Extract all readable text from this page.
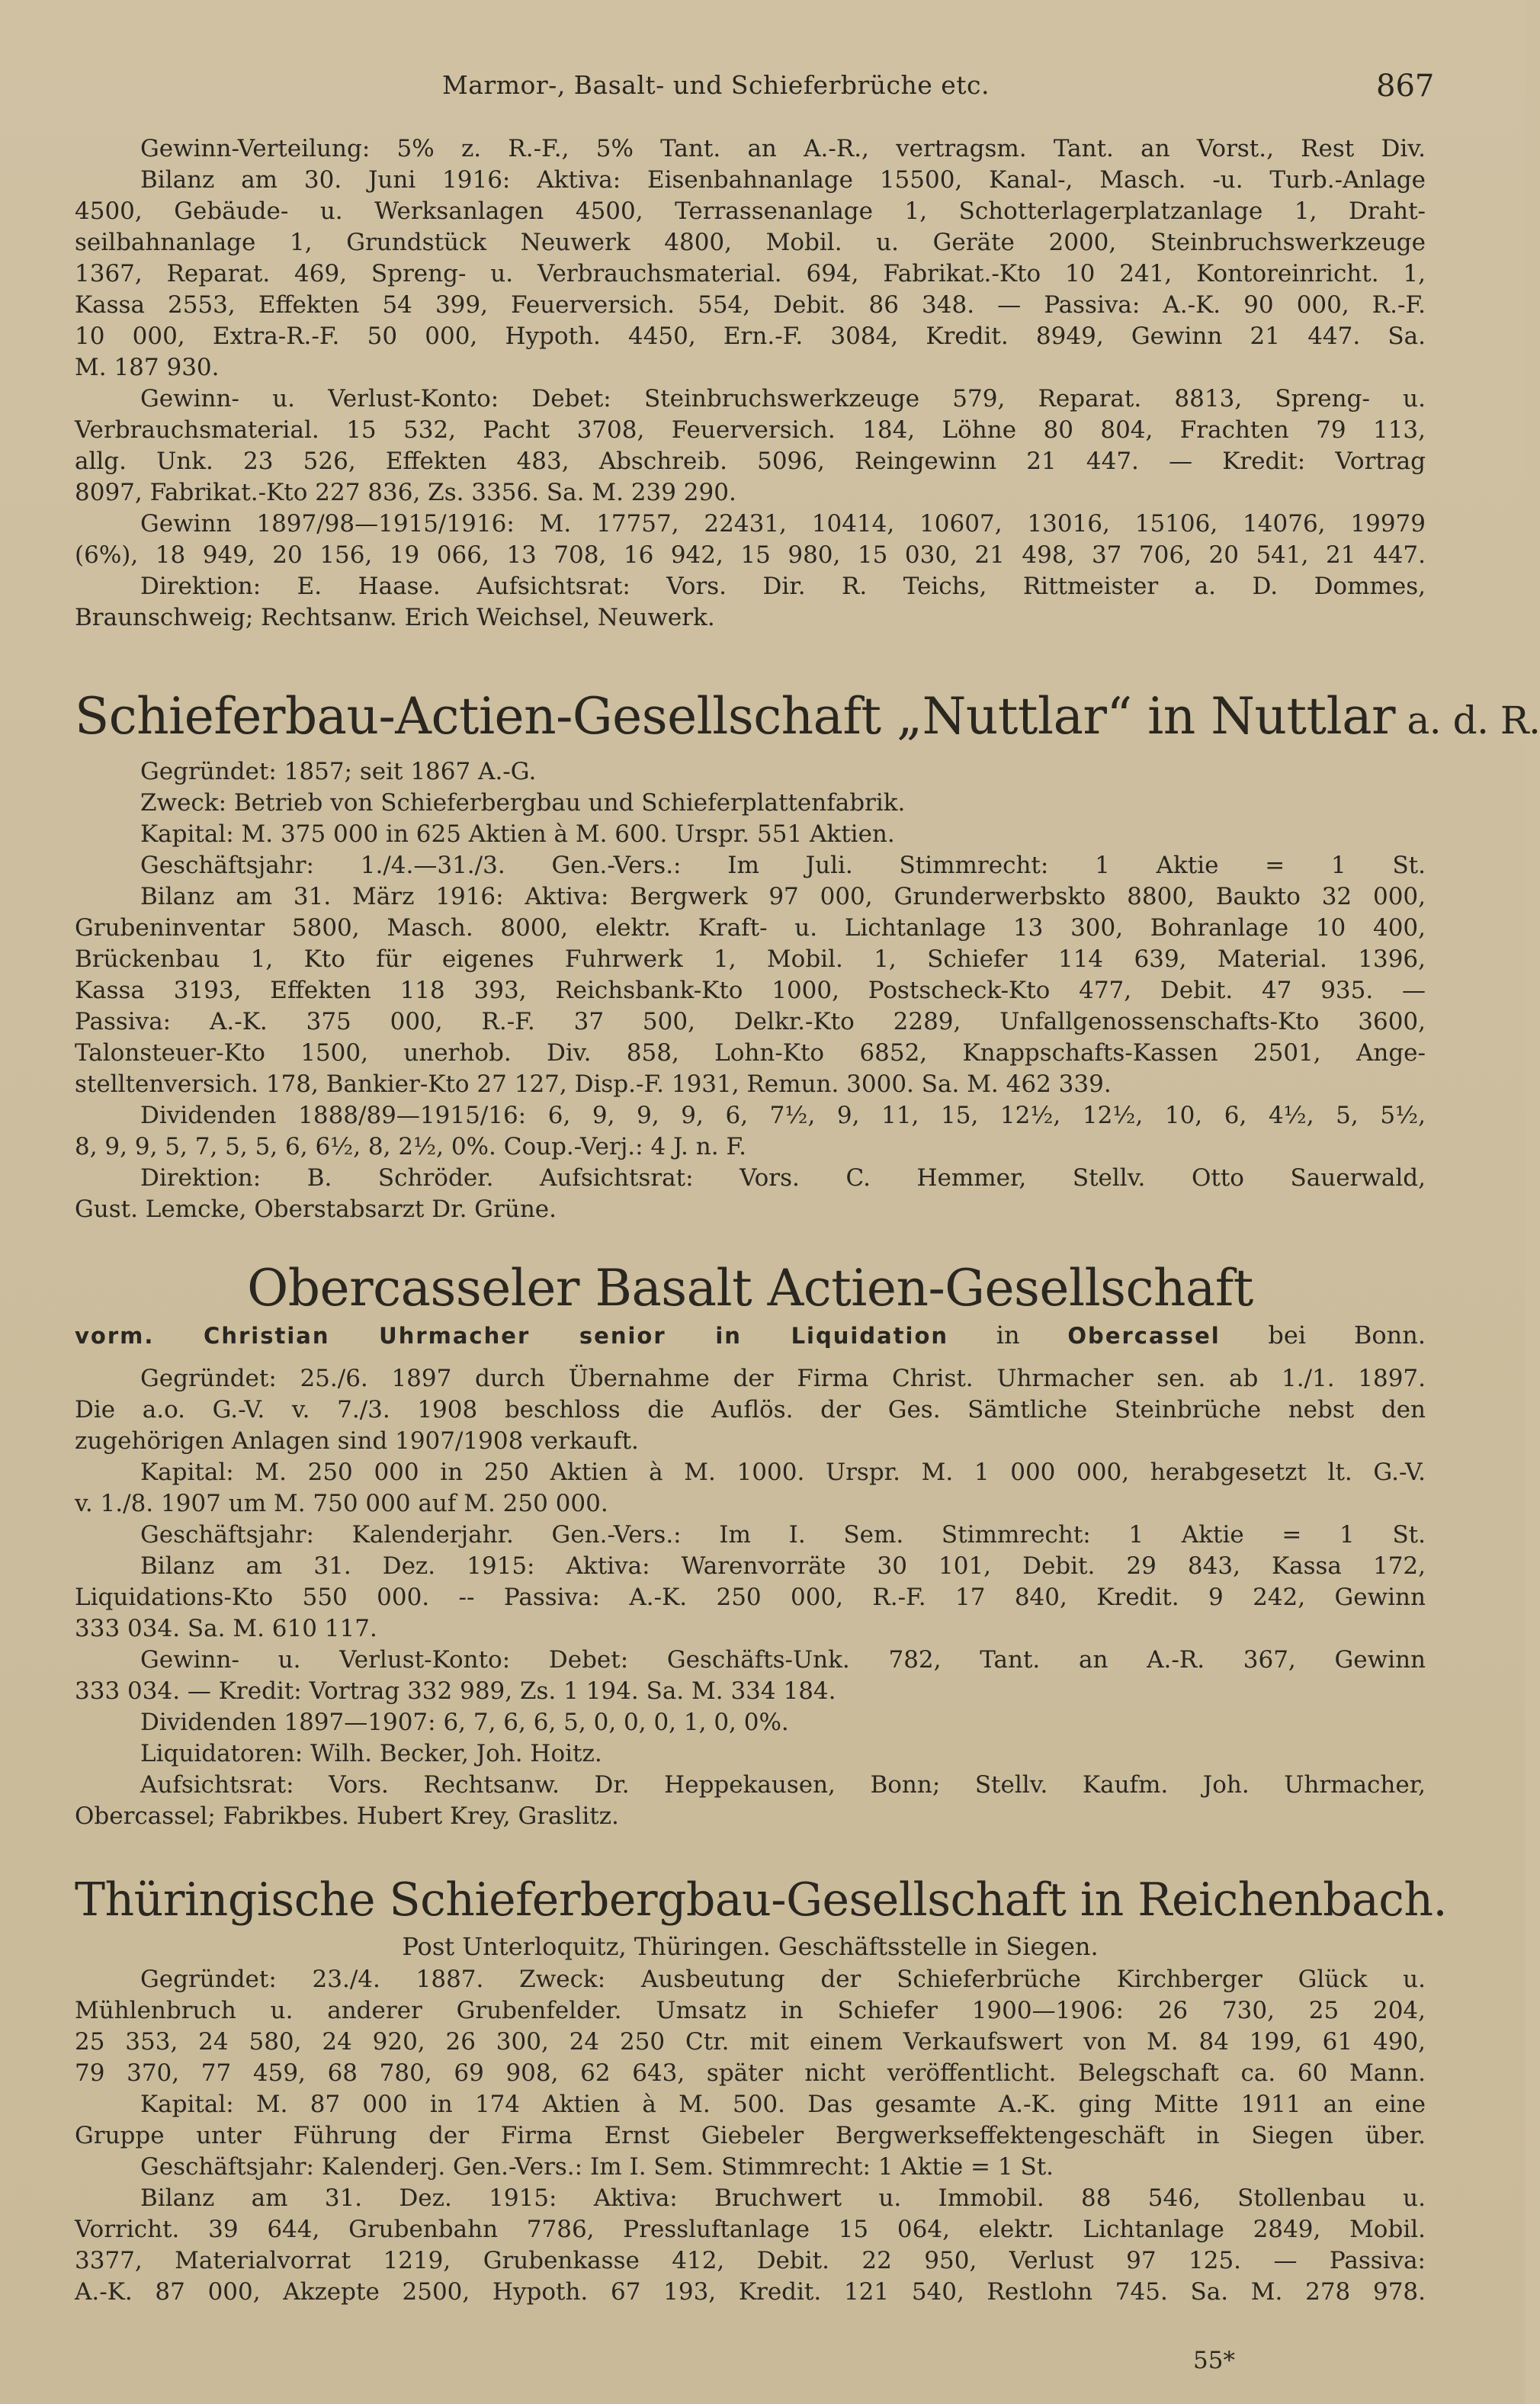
Marmor-, Basalt- und Schieferbrüche etc.	867

Gewinn-Verteilung: 5% z. R.-F., 5% Tant. an A.-R., vertragsm. Tant. an Vorst., Rest Div.

Bilanz am 30. Juni 1916: Aktiva: Eisenbahnanlage 15500, Kanal-, Masch. -u. Turb.-Anlage

4500, Gebäude- u. Werksanlagen 4500, Terrassenanlage 1, Schotterlagerplatzanlage 1, Draht-

seilbahnanlage 1, Grundstück Neuwerk 4800, Mobil. u. Geräte 2000, Steinbruchswerkzeuge

1367, Reparat. 469, Spreng- u. Verbrauchsmaterial. 694, Fabrikat.-Kto 10 241, Kontoreinricht. 1,

Kassa 2553, Effekten 54 399, Feuerversich. 554, Debit. 86 348. — Passiva: A.-K. 90 000, R.-F.

10 000, Extra-R.-F. 50 000, Hypoth. 4450, Ern.-F. 3084, Kredit. 8949, Gewinn 21 447. Sa.

M. 187 930.

Gewinn- u. Verlust-Konto: Debet: Steinbruchswerkzeuge 579, Reparat. 8813, Spreng- u.

Verbrauchsmaterial. 15 532, Pacht 3708, Feuerversich. 184, Löhne 80 804, Frachten 79 113,

allg. Unk. 23 526, Effekten 483, Abschreib. 5096, Reingewinn 21 447. — Kredit: Vortrag

8097, Fabrikat.-Kto 227 836, Zs. 3356. Sa. M. 239 290.

Gewinn 1897/98—1915/1916: M. 17757, 22431, 10414, 10607, 13016, 15106, 14076, 19979

(6%), 18 949, 20 156, 19 066, 13 708, 16 942, 15 980, 15 030, 21 498, 37 706, 20 541, 21 447.

Direktion: E. Haase. Aufsichtsrat: Vors. Dir. R. Teichs, Rittmeister a. D. Dommes,

Braunschweig; Rechtsanw. Erich Weichsel, Neuwerk.

Schieferbau-Actien-Gesellschaft „Nuttlar“ in Nuttlar a. d. R.

Gegründet: 1857; seit 1867 A.-G.

Zweck: Betrieb von Schieferbergbau und Schieferplattenfabrik.

Kapital: M. 375 000 in 625 Aktien à M. 600. Urspr. 551 Aktien.

Geschäftsjahr: 1./4.—31./3. Gen.-Vers.: Im Juli. Stimmrecht: 1 Aktie = 1 St.

Bilanz am 31. März 1916: Aktiva: Bergwerk 97 000, Grunderwerbskto 8800, Baukto 32 000,

Grubeninventar 5800, Masch. 8000, elektr. Kraft- u. Lichtanlage 13 300, Bohranlage 10 400,

Brückenbau 1, Kto für eigenes Fuhrwerk 1, Mobil. 1, Schiefer 114 639, Material. 1396,

Kassa 3193, Effekten 118 393, Reichsbank-Kto 1000, Postscheck-Kto 477, Debit. 47 935. —

Passiva: A.-K. 375 000, R.-F. 37 500, Delkr.-Kto 2289, Unfallgenossenschafts-Kto 3600,

Talonsteuer-Kto 1500, unerhob. Div. 858, Lohn-Kto 6852, Knappschafts-Kassen 2501, Ange-

stelltenversich. 178, Bankier-Kto 27 127, Disp.-F. 1931, Remun. 3000. Sa. M. 462 339.

Dividenden 1888/89—1915/16: 6, 9, 9, 9, 6, 7½, 9, 11, 15, 12½, 12½, 10, 6, 4½, 5, 5½,

8, 9, 9, 5, 7, 5, 5, 6, 6½, 8, 2½, 0%. Coup.-Verj.: 4 J. n. F.

Direktion: B. Schröder. Aufsichtsrat: Vors. C. Hemmer, Stellv. Otto Sauerwald,

Gust. Lemcke, Oberstabsarzt Dr. Grüne.

Obercasseler Basalt Actien-Gesellschaft

vorm. Christian Uhrmacher senior in Liquidation in Obercassel bei Bonn.

Gegründet: 25./6. 1897 durch Übernahme der Firma Christ. Uhrmacher sen. ab 1./1. 1897.

Die a.o. G.-V. v. 7./3. 1908 beschloss die Auflös. der Ges. Sämtliche Steinbrüche nebst den

zugehörigen Anlagen sind 1907/1908 verkauft.

Kapital: M. 250 000 in 250 Aktien à M. 1000. Urspr. M. 1 000 000, herabgesetzt lt. G.-V.

v. 1./8. 1907 um M. 750 000 auf M. 250 000.

Geschäftsjahr: Kalenderjahr. Gen.-Vers.: Im I. Sem. Stimmrecht: 1 Aktie = 1 St.

Bilanz am 31. Dez. 1915: Aktiva: Warenvorräte 30 101, Debit. 29 843, Kassa 172,

Liquidations-Kto 550 000. -- Passiva: A.-K. 250 000, R.-F. 17 840, Kredit. 9 242, Gewinn

333 034. Sa. M. 610 117.

Gewinn- u. Verlust-Konto: Debet: Geschäfts-Unk. 782, Tant. an A.-R. 367, Gewinn

333 034. — Kredit: Vortrag 332 989, Zs. 1 194. Sa. M. 334 184.

Dividenden 1897—1907: 6, 7, 6, 6, 5, 0, 0, 0, 1, 0, 0%.

Liquidatoren: Wilh. Becker, Joh. Hoitz.

Aufsichtsrat: Vors. Rechtsanw. Dr. Heppekausen, Bonn; Stellv. Kaufm. Joh. Uhrmacher,

Obercassel; Fabrikbes. Hubert Krey, Graslitz.

Thüringische Schieferbergbau-Gesellschaft in Reichenbach.

Post Unterloquitz, Thüringen. Geschäftsstelle in Siegen.

Gegründet: 23./4. 1887. Zweck: Ausbeutung der Schieferbrüche Kirchberger Glück u.

Mühlenbruch u. anderer Grubenfelder. Umsatz in Schiefer 1900—1906: 26 730, 25 204,

25 353, 24 580, 24 920, 26 300, 24 250 Ctr. mit einem Verkaufswert von M. 84 199, 61 490,

79 370, 77 459, 68 780, 69 908, 62 643, später nicht veröffentlicht. Belegschaft ca. 60 Mann.

Kapital: M. 87 000 in 174 Aktien à M. 500. Das gesamte A.-K. ging Mitte 1911 an eine

Gruppe unter Führung der Firma Ernst Giebeler Bergwerkseffektengeschäft in Siegen über.

Geschäftsjahr: Kalenderj. Gen.-Vers.: Im I. Sem. Stimmrecht: 1 Aktie = 1 St.

Bilanz am 31. Dez. 1915: Aktiva: Bruchwert u. Immobil. 88 546, Stollenbau u.

Vorricht. 39 644, Grubenbahn 7786, Pressluftanlage 15 064, elektr. Lichtanlage 2849, Mobil.

3377, Materialvorrat 1219, Grubenkasse 412, Debit. 22 950, Verlust 97 125. — Passiva:

A.-K. 87 000, Akzepte 2500, Hypoth. 67 193, Kredit. 121 540, Restlohn 745. Sa. M. 278 978.

55*
